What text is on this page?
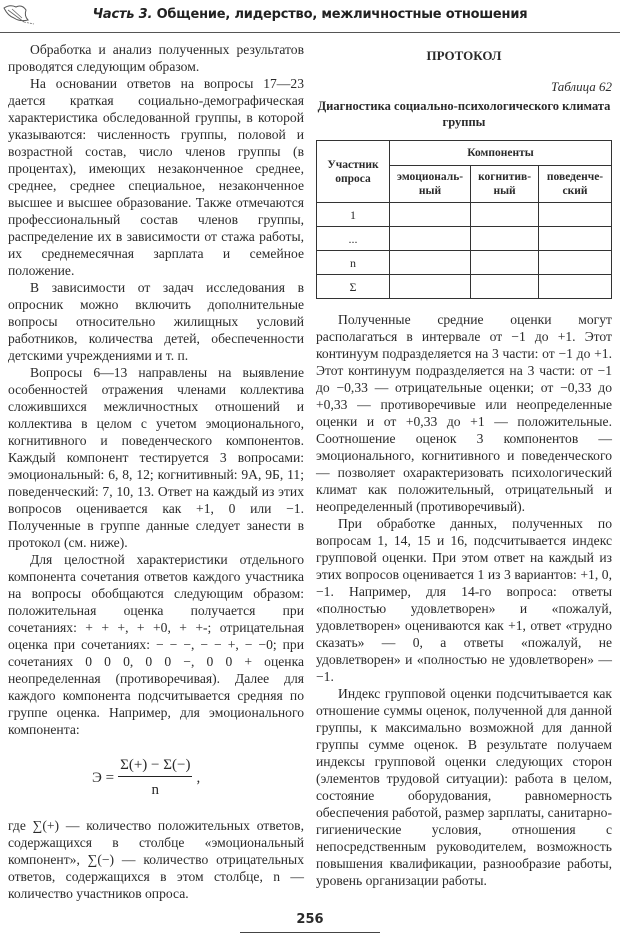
Часть 3. Общение, лидерство, межличностные отношения

Обработка и анализ полученных результатов проводятся следующим образом.

На основании ответов на вопросы 17—23 дается краткая социально-демографическая характеристика обследованной группы, в которой указываются: численность группы, половой и возрастной состав, число членов группы (в процентах), имеющих незаконченное среднее, среднее, среднее специальное, незаконченное высшее и высшее образование. Также отмечаются профессиональный состав членов группы, распределение их в зависимости от стажа работы, их среднемесячная зарплата и семейное положение.

В зависимости от задач исследования в опросник можно включить дополнительные вопросы относительно жилищных условий работников, количества детей, обеспеченности детскими учреждениями и т. п.

Вопросы 6—13 направлены на выявление особенностей отражения членами коллектива сложившихся межличностных отношений и коллектива в целом с учетом эмоционального, когнитивного и поведенческого компонентов. Каждый компонент тестируется 3 вопросами: эмоциональный: 6, 8, 12; когнитивный: 9А, 9Б, 11; поведенческий: 7, 10, 13. Ответ на каждый из этих вопросов оценивается как +1, 0 или −1. Полученные в группе данные следует занести в протокол (см. ниже).

Для целостной характеристики отдельного компонента сочетания ответов каждого участника на вопросы обобщаются следующим образом: положительная оценка получается при сочетаниях: + + +, + +0, + +-; отрицательная оценка при сочетаниях: − − −, − − +, − −0; при сочетаниях 0 0 0, 0 0 −, 0 0 + оценка неопределенная (противоречивая). Далее для каждого компонента подсчитывается средняя по группе оценка. Например, для эмоционального компонента:

$Э = \frac{\Sigma(+) - \Sigma(-)}{n}$ ,

где ∑(+) — количество положительных ответов, содержащихся в столбце «эмоциональный компонент», ∑(−) — количество отрицательных ответов, содержащихся в этом столбце, n — количество участников опроса.

ПРОТОКОЛ
Таблица 62
Диагностика социально-психологического климата группы
Участник опроса	Компоненты		
	эмоциональ-ный	когнитив-ный	поведенче-ский
1			
...			
n			
Σ			

Полученные средние оценки могут располагаться в интервале от −1 до +1. Этот континуум подразделяется на 3 части: от −1 до +1. Этот континуум подразделяется на 3 части: от −1 до −0,33 — отрицательные оценки; от −0,33 до +0,33 — противоречивые или неопределенные оценки и от +0,33 до +1 — положительные. Соотношение оценок 3 компонентов — эмоционального, когнитивного и поведенческого — позволяет охарактеризовать психологический климат как положительный, отрицательный и неопределенный (противоречивый).

При обработке данных, полученных по вопросам 1, 14, 15 и 16, подсчитывается индекс групповой оценки. При этом ответ на каждый из этих вопросов оценивается 1 из 3 вариантов: +1, 0, −1. Например, для 14-го вопроса: ответы «полностью удовлетворен» и «пожалуй, удовлетворен» оцениваются как +1, ответ «трудно сказать» — 0, а ответы «пожалуй, не удовлетворен» и «полностью не удовлетворен» — −1.

Индекс групповой оценки подсчитывается как отношение суммы оценок, полученной для данной группы, к максимально возможной для данной группы сумме оценок. В результате получаем индексы групповой оценки следующих сторон (элементов трудовой ситуации): работа в целом, состояние оборудования, равномерность обеспечения работой, размер зарплаты, санитарно-гигиенические условия, отношения с непосредственным руководителем, возможность повышения квалификации, разнообразие работы, уровень организации работы.

256
